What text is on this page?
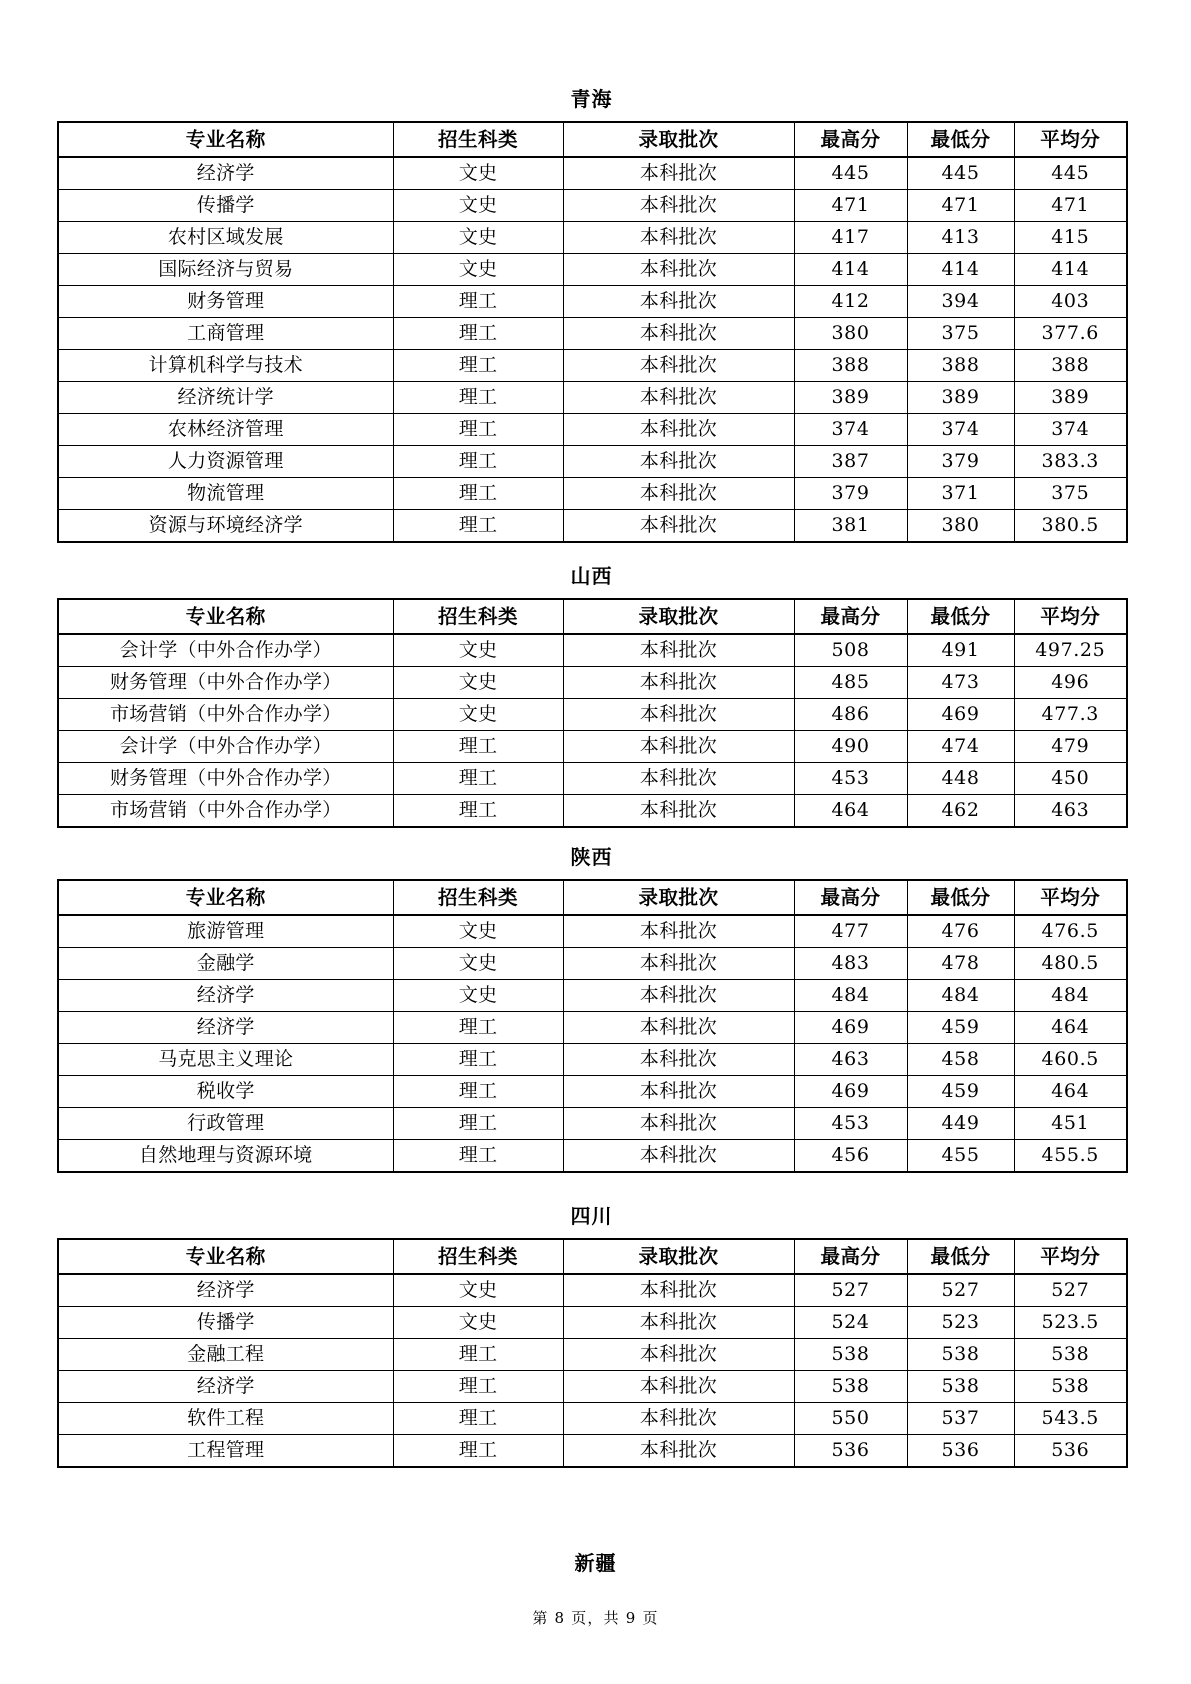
青海
专业名称	招生科类	录取批次	最高分	最低分	平均分
经济学	文史	本科批次	445	445	445
传播学	文史	本科批次	471	471	471
农村区域发展	文史	本科批次	417	413	415
国际经济与贸易	文史	本科批次	414	414	414
财务管理	理工	本科批次	412	394	403
工商管理	理工	本科批次	380	375	377.6
计算机科学与技术	理工	本科批次	388	388	388
经济统计学	理工	本科批次	389	389	389
农林经济管理	理工	本科批次	374	374	374
人力资源管理	理工	本科批次	387	379	383.3
物流管理	理工	本科批次	379	371	375
资源与环境经济学	理工	本科批次	381	380	380.5
山西
专业名称	招生科类	录取批次	最高分	最低分	平均分
会计学（中外合作办学）	文史	本科批次	508	491	497.25
财务管理（中外合作办学）	文史	本科批次	485	473	496
市场营销（中外合作办学）	文史	本科批次	486	469	477.3
会计学（中外合作办学）	理工	本科批次	490	474	479
财务管理（中外合作办学）	理工	本科批次	453	448	450
市场营销（中外合作办学）	理工	本科批次	464	462	463
陕西
专业名称	招生科类	录取批次	最高分	最低分	平均分
旅游管理	文史	本科批次	477	476	476.5
金融学	文史	本科批次	483	478	480.5
经济学	文史	本科批次	484	484	484
经济学	理工	本科批次	469	459	464
马克思主义理论	理工	本科批次	463	458	460.5
税收学	理工	本科批次	469	459	464
行政管理	理工	本科批次	453	449	451
自然地理与资源环境	理工	本科批次	456	455	455.5
四川
专业名称	招生科类	录取批次	最高分	最低分	平均分
经济学	文史	本科批次	527	527	527
传播学	文史	本科批次	524	523	523.5
金融工程	理工	本科批次	538	538	538
经济学	理工	本科批次	538	538	538
软件工程	理工	本科批次	550	537	543.5
工程管理	理工	本科批次	536	536	536
新疆
第 8 页，共 9 页
